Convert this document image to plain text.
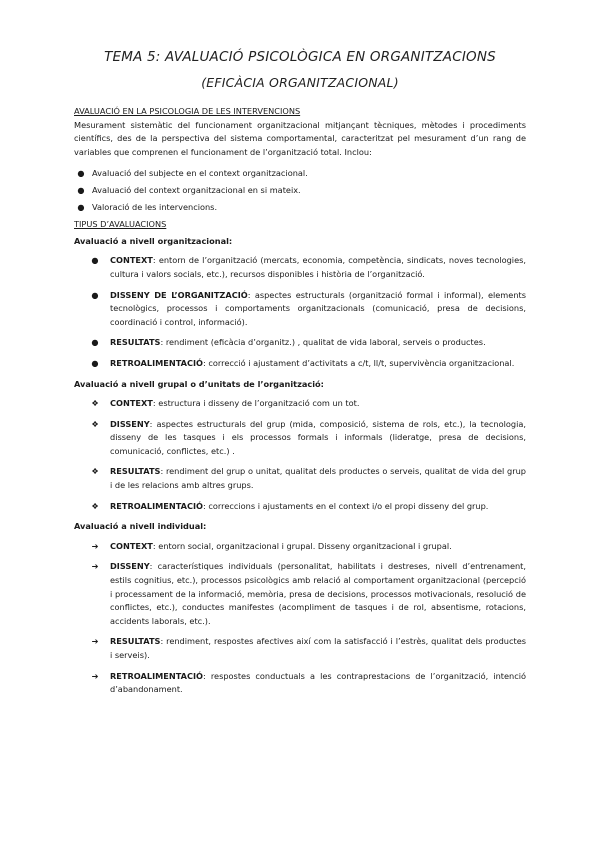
TEMA 5: AVALUACIÓ PSICOLÒGICA EN ORGANITZACIONS
(EFICÀCIA ORGANITZACIONAL)

AVALUACIÓ EN LA PSICOLOGIA DE LES INTERVENCIONS

Mesurament sistemàtic del funcionament organitzacional mitjançant tècniques, mètodes i procediments científics, des de la perspectiva del sistema comportamental, caracteritzat pel mesurament d’un rang de variables que comprenen el funcionament de l’organització total. Inclou:

● Avaluació del subjecte en el context organitzacional.
● Avaluació del context organitzacional en si mateix.
● Valoració de les intervencions.

TIPUS D’AVALUACIONS

Avaluació a nivell organitzacional:

●	CONTEXT: entorn de l’organització (mercats, economia, competència, sindicats, noves tecnologies, cultura i valors socials, etc.), recursos disponibles i història de l’organització.
●	DISSENY DE L’ORGANITZACIÓ: aspectes estructurals (organització formal i informal), elements tecnològics, processos i comportaments organitzacionals (comunicació, presa de decisions, coordinació i control, informació).
●	RESULTATS: rendiment (eficàcia d’organitz.) , qualitat de vida laboral, serveis o productes.
●	RETROALIMENTACIÓ: correcció i ajustament d’activitats a c/t, ll/t, supervivència organitzacional.

Avaluació a nivell grupal o d’unitats de l’organització:

❖	CONTEXT: estructura i disseny de l’organització com un tot.
❖	DISSENY: aspectes estructurals del grup (mida, composició, sistema de rols, etc.), la tecnologia, disseny de les tasques i els processos formals i informals (lideratge, presa de decisions, comunicació, conflictes, etc.) .
❖	RESULTATS: rendiment del grup o unitat, qualitat dels productes o serveis, qualitat de vida del grup i de les relacions amb altres grups.
❖	RETROALIMENTACIÓ: correccions i ajustaments en el context i/o el propi disseny del grup.

Avaluació a nivell individual:

➔	CONTEXT: entorn social, organitzacional i grupal. Disseny organitzacional i grupal.
➔	DISSENY: característiques individuals (personalitat, habilitats i destreses, nivell d’entrenament, estils cognitius, etc.), processos psicològics amb relació al comportament organitzacional (percepció i processament de la informació, memòria, presa de decisions, processos motivacionals, resolució de conflictes, etc.), conductes manifestes (acompliment de tasques i de rol, absentisme, rotacions, accidents laborals, etc.).
➔	RESULTATS: rendiment, respostes afectives així com la satisfacció i l’estrès, qualitat dels productes i serveis).
➔	RETROALIMENTACIÓ: respostes conductuals a les contraprestacions de l’organització, intenció d’abandonament.
